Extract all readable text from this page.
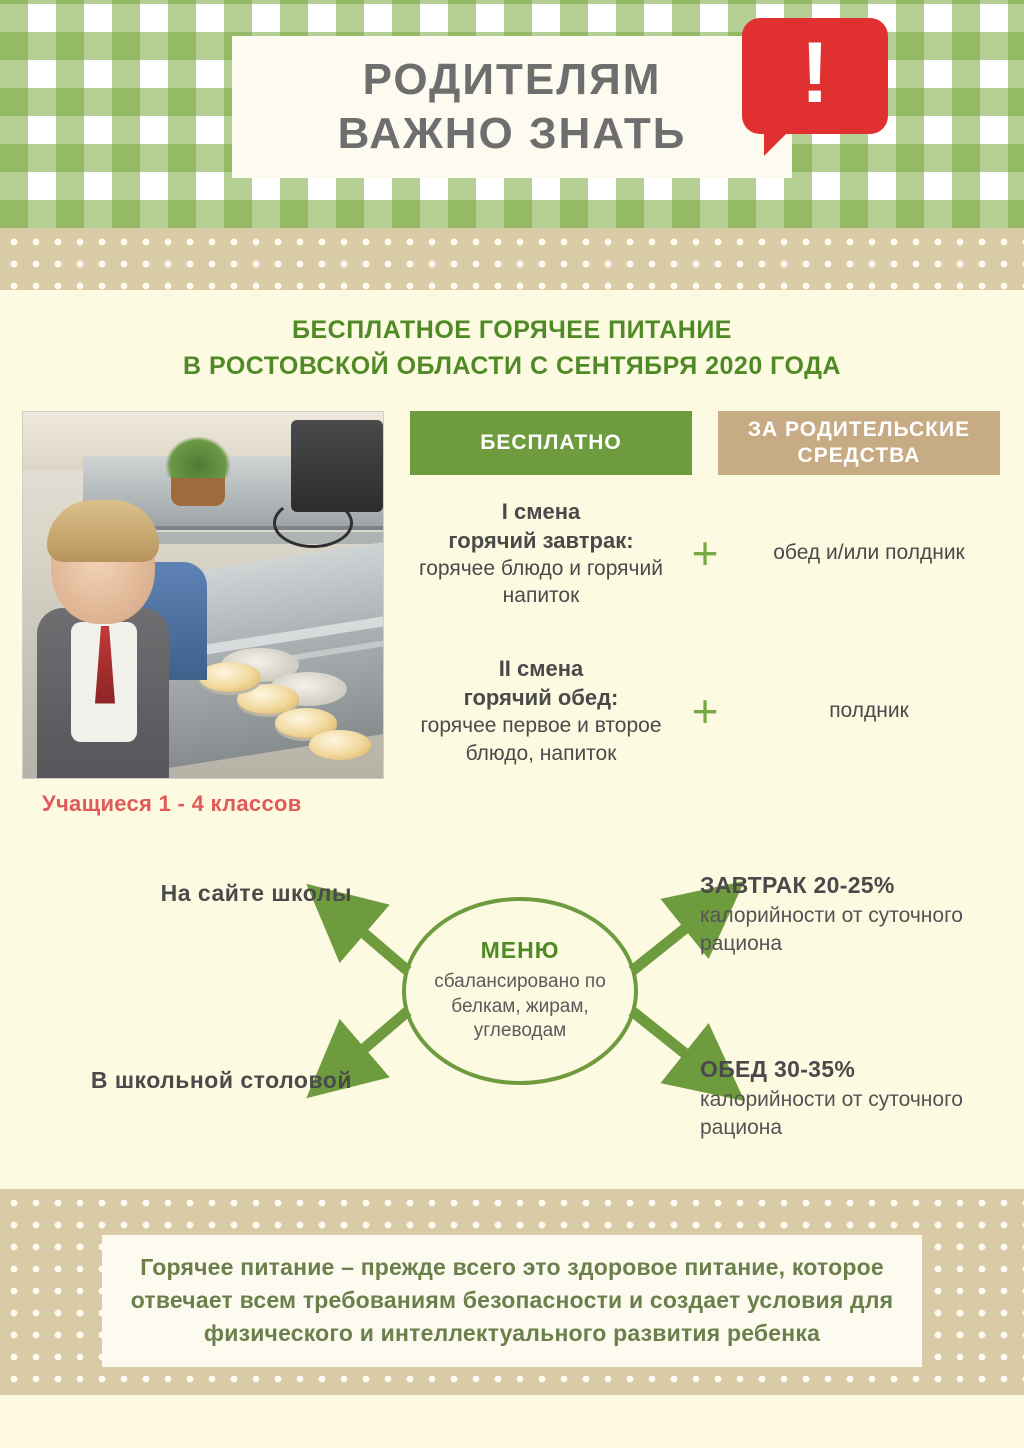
РОДИТЕЛЯМ
ВАЖНО ЗНАТЬ
!
БЕСПЛАТНОЕ ГОРЯЧЕЕ ПИТАНИЕ
В РОСТОВСКОЙ ОБЛАСТИ С СЕНТЯБРЯ 2020 ГОДА
Учащиеся 1 - 4 классов
БЕСПЛАТНО
ЗА РОДИТЕЛЬСКИЕ СРЕДСТВА
I смена
горячий завтрак:
горячее блюдо и горячий напиток
+	обед и/или полдник
II смена
горячий обед:
горячее первое и второе блюдо, напиток
+	полдник
МЕНЮ
сбалансировано по белкам, жирам, углеводам
На сайте школы
В школьной столовой
ЗАВТРАК 20-25%
калорийности от суточного рациона
ОБЕД 30-35%
калорийности от суточного рациона

Горячее питание – прежде всего это здоровое питание, которое отвечает всем требованиям безопасности и создает условия для физического и интеллектуального развития ребенка
